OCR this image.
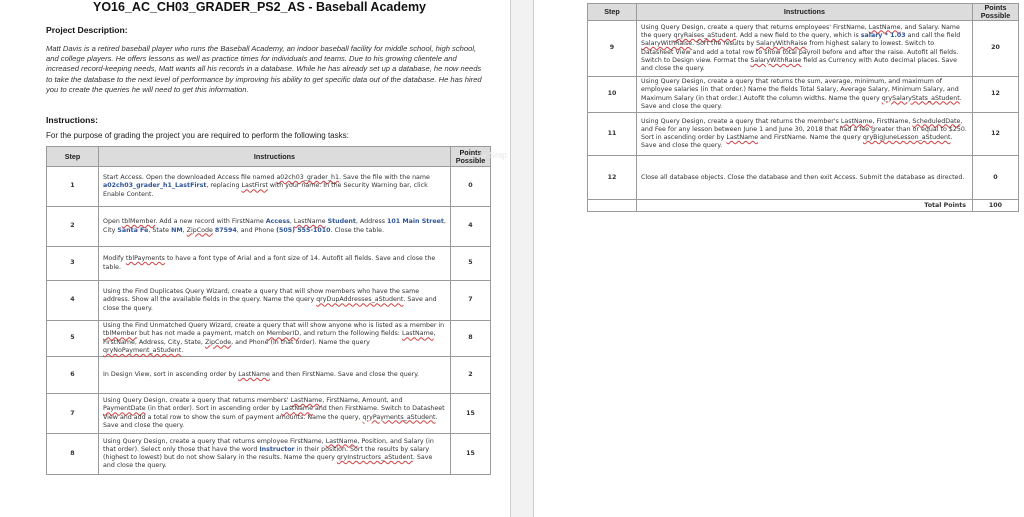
YO16_AC_CH03_GRADER_PS2_AS - Baseball Academy
Project Description:
Matt Davis is a retired baseball player who runs the Baseball Academy, an indoor baseball facility for middle school, high school, and college players. He offers lessons as well as practice times for individuals and teams. Due to his growing clientele and increased record-keeping needs, Matt wants all his records in a database. While he has already set up a database, he now needs to take the database to the next level of performance by improving his ability to get specific data out of the database. He has hired you to create the queries he will need to get this information.
Instructions:
For the purpose of grading the project you are required to perform the following tasks:
Step	Instructions	Points Possible
1	Start Access. Open the downloaded Access file named a02ch03_grader_h1. Save the file with the name a02ch03_grader_h1_LastFirst, replacing LastFirst with your name. In the Security Warning bar, click Enable Content.	0
2	Open tblMember. Add a new record with FirstName Access, LastName Student, Address 101 Main Street, City Santa Fe, State NM, ZipCode 87594, and Phone (505) 555-1010. Close the table.	4
3	Modify tblPayments to have a font type of Arial and a font size of 14. Autofit all fields. Save and close the table.	5
4	Using the Find Duplicates Query Wizard, create a query that will show members who have the same address. Show all the available fields in the query. Name the query qryDupAddresses_aStudent. Save and close the query.	7
5	Using the Find Unmatched Query Wizard, create a query that will show anyone who is listed as a member in tblMember but has not made a payment, match on MemberID, and return the following fields: LastName, FirstName, Address, City, State, ZipCode, and Phone (in that order). Name the query qryNoPayment_aStudent.	8
6	In Design View, sort in ascending order by LastName and then FirstName. Save and close the query.	2
7	Using Query Design, create a query that returns members' LastName, FirstName, Amount, and PaymentDate (in that order). Sort in ascending order by LastName and then FirstName. Switch to Datasheet View and add a total row to show the sum of payment amounts. Name the query, qryPayments_aStudent. Save and close the query.	15
8	Using Query Design, create a query that returns employee FirstName, LastName, Position, and Salary (in that order). Select only those that have the word Instructor in their position. Sort the results by salary (highest to lowest) but do not show Salary in the results. Name the query qryInstructors_aStudent. Save and close the query.	15
w Snip
Step	Instructions	Points Possible
9	Using Query Design, create a query that returns employees' FirstName, LastName, and Salary. Name the query qryRaises_aStudent. Add a new field to the query, which is salary * 1.03 and call the field SalaryWithRaise. Sort the results by SalaryWithRaise from highest salary to lowest. Switch to Datasheet View and add a total row to show total payroll before and after the raise. Autofit all fields. Switch to Design view. Format the SalaryWithRaise field as Currency with Auto decimal places. Save and close the query.	20
10	Using Query Design, create a query that returns the sum, average, minimum, and maximum of employee salaries (in that order.) Name the fields Total Salary, Average Salary, Minimum Salary, and Maximum Salary (in that order.) Autofit the column widths. Name the query qrySalaryStats_aStudent. Save and close the query.	12
11	Using Query Design, create a query that returns the member's LastName, FirstName, ScheduledDate, and Fee for any lesson between June 1 and June 30, 2018 that had a fee greater than or equal to $250. Sort in ascending order by LastName and FirstName. Name the query qryBigJuneLesson_aStudent. Save and close the query.	12
12	Close all database objects. Close the database and then exit Access. Submit the database as directed.	0
	Total Points	100
